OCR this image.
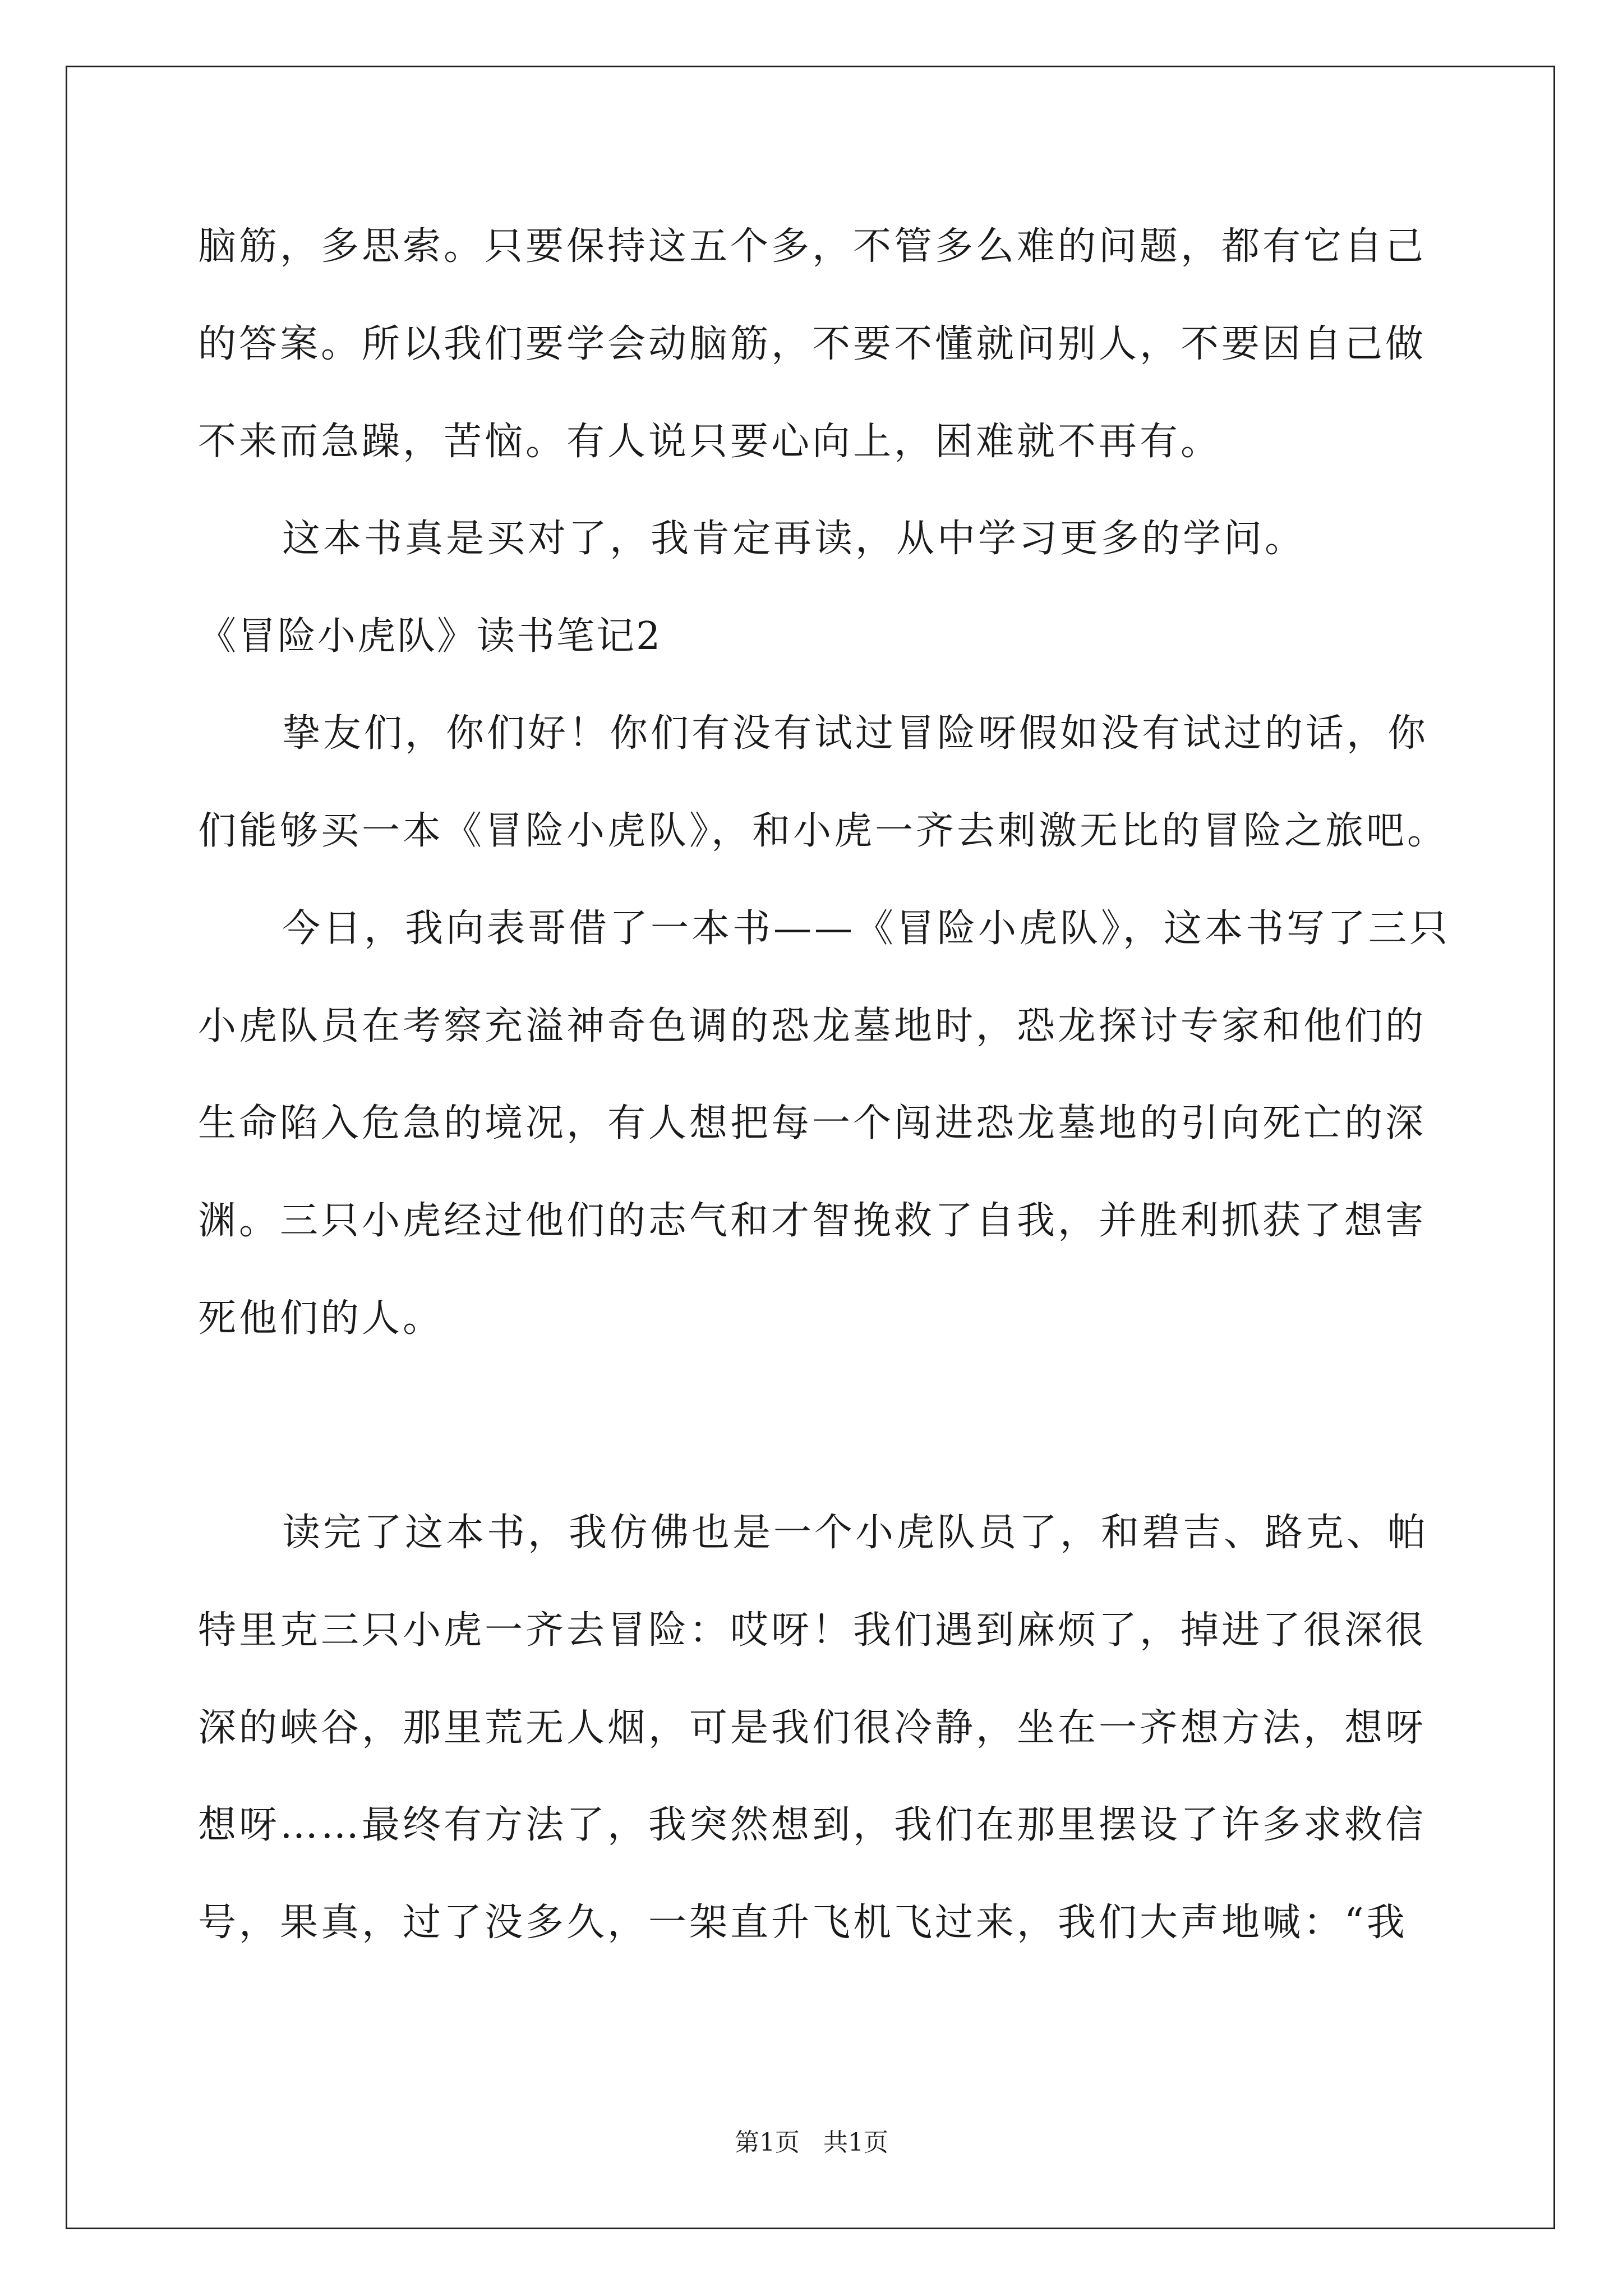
脑筋，多思索。只要保持这五个多，不管多么难的问题，都有它自己
的答案。所以我们要学会动脑筋，不要不懂就问别人，不要因自己做
不来而急躁，苦恼。有人说只要心向上，困难就不再有。
这本书真是买对了，我肯定再读，从中学习更多的学问。
《冒险小虎队》读书笔记2
挚友们，你们好！你们有没有试过冒险呀假如没有试过的话，你
们能够买一本《冒险小虎队》，和小虎一齐去刺激无比的冒险之旅吧。
今日，我向表哥借了一本书——《冒险小虎队》，这本书写了三只
小虎队员在考察充溢神奇色调的恐龙墓地时，恐龙探讨专家和他们的
生命陷入危急的境况，有人想把每一个闯进恐龙墓地的引向死亡的深
渊。三只小虎经过他们的志气和才智挽救了自我，并胜利抓获了想害
死他们的人。
读完了这本书，我仿佛也是一个小虎队员了，和碧吉、路克、帕
特里克三只小虎一齐去冒险：哎呀！我们遇到麻烦了，掉进了很深很
深的峡谷，那里荒无人烟，可是我们很冷静，坐在一齐想方法，想呀
想呀……最终有方法了，我突然想到，我们在那里摆设了许多求救信
号，果真，过了没多久，一架直升飞机飞过来，我们大声地喊：“我
第1页   共1页
